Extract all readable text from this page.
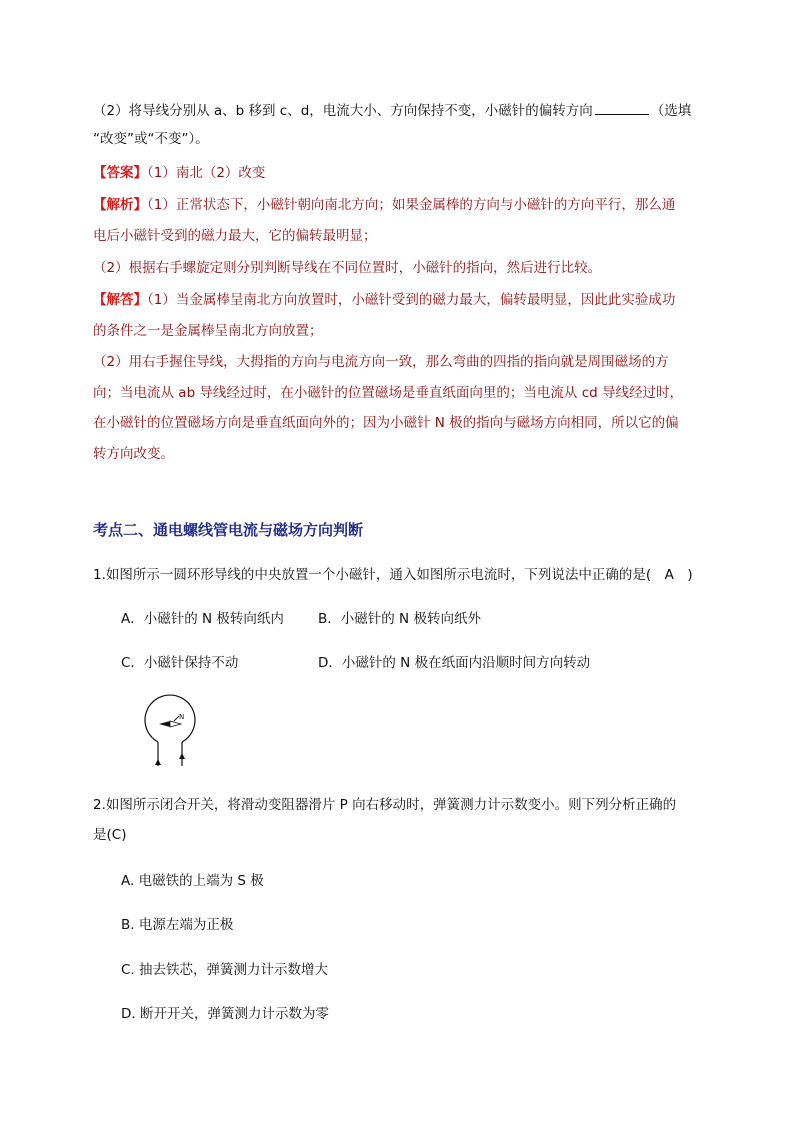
（2）将导线分别从 a、b 移到 c、d，电流大小、方向保持不变，小磁针的偏转方向	（选填
“改变”或“不变”）。
【答案】（1）南北（2）改变
【解析】（1）正常状态下，小磁针朝向南北方向；如果金属棒的方向与小磁针的方向平行，那么通
电后小磁针受到的磁力最大，它的偏转最明显；
（2）根据右手螺旋定则分别判断导线在不同位置时，小磁针的指向，然后进行比较。
【解答】（1）当金属棒呈南北方向放置时，小磁针受到的磁力最大，偏转最明显，因此此实验成功
的条件之一是金属棒呈南北方向放置；
（2）用右手握住导线，大拇指的方向与电流方向一致，那么弯曲的四指的指向就是周围磁场的方
向；当电流从 ab 导线经过时，在小磁针的位置磁场是垂直纸面向里的；当电流从 cd 导线经过时，
在小磁针的位置磁场方向是垂直纸面向外的；因为小磁针 N 极的指向与磁场方向相同，所以它的偏
转方向改变。
考点二、通电螺线管电流与磁场方向判断
1.如图所示一圆环形导线的中央放置一个小磁针，通入如图所示电流时，下列说法中正确的是(　A　)
A．小磁针的 N 极转向纸内	B．小磁针的 N 极转向纸外
C．小磁针保持不动	D．小磁针的 N 极在纸面内沿顺时间方向转动
N
2.如图所示闭合开关，将滑动变阻器滑片 P 向右移动时，弹簧测力计示数变小。则下列分析正确的
是(C)
A. 电磁铁的上端为 S 极
B. 电源左端为正极
C. 抽去铁芯，弹簧测力计示数增大
D. 断开开关，弹簧测力计示数为零
